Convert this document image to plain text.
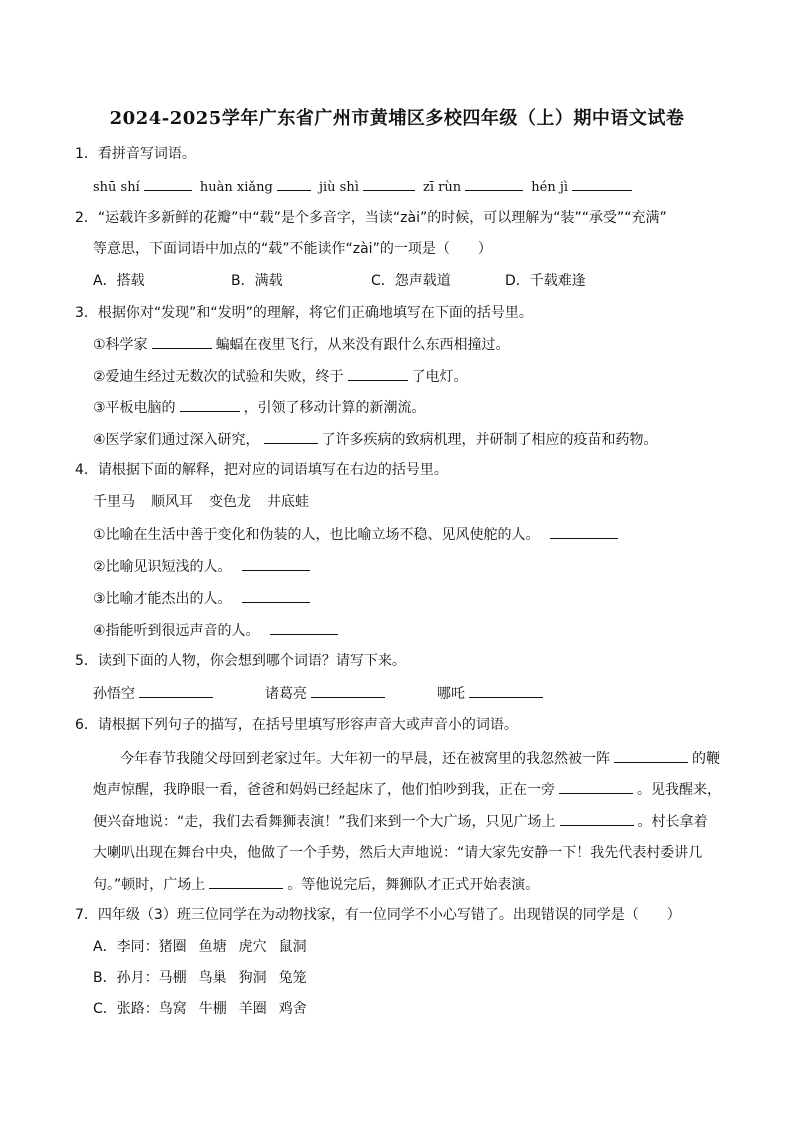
2024-2025学年广东省广州市黄埔区多校四年级（上）期中语文试卷
1．看拼音写词语。
shū shí	huàn xiǎng	jiù shì	zī rùn	hén jì
2．“运载许多新鲜的花瓣”中“载”是个多音字，当读“zài”的时候，可以理解为“装”“承受”“充满”
等意思，下面词语中加点的“载”不能读作“zài”的一项是（　　）
A．搭载	B．满载	C．怨声载道	D．千载难逢
3．根据你对“发现”和“发明”的理解，将它们正确地填写在下面的括号里。
①科学家	蝙蝠在夜里飞行，从来没有跟什么东西相撞过。
②爱迪生经过无数次的试验和失败，终于	了电灯。
③平板电脑的	，引领了移动计算的新潮流。
④医学家们通过深入研究，	了许多疾病的致病机理，并研制了相应的疫苗和药物。
4．请根据下面的解释，把对应的词语填写在右边的括号里。
千里马 顺风耳 变色龙 井底蛙
①比喻在生活中善于变化和伪装的人，也比喻立场不稳、见风使舵的人。
②比喻见识短浅的人。
③比喻才能杰出的人。
④指能听到很远声音的人。
5．读到下面的人物，你会想到哪个词语？请写下来。
孙悟空	诸葛亮	哪吒
6．请根据下列句子的描写，在括号里填写形容声音大或声音小的词语。
今年春节我随父母回到老家过年。大年初一的早晨，还在被窝里的我忽然被一阵	的鞭
炮声惊醒，我睁眼一看，爸爸和妈妈已经起床了，他们怕吵到我，正在一旁	。见我醒来，
便兴奋地说：“走，我们去看舞狮表演！”我们来到一个大广场，只见广场上	。村长拿着
大喇叭出现在舞台中央，他做了一个手势，然后大声地说：“请大家先安静一下！我先代表村委讲几
句。”顿时，广场上	。等他说完后，舞狮队才正式开始表演。
7．四年级（3）班三位同学在为动物找家，有一位同学不小心写错了。出现错误的同学是（　　）
A．李同：猪圈 鱼塘 虎穴 鼠洞
B．孙月：马棚 鸟巢 狗洞 兔笼
C．张路：鸟窝 牛棚 羊圈 鸡舍
